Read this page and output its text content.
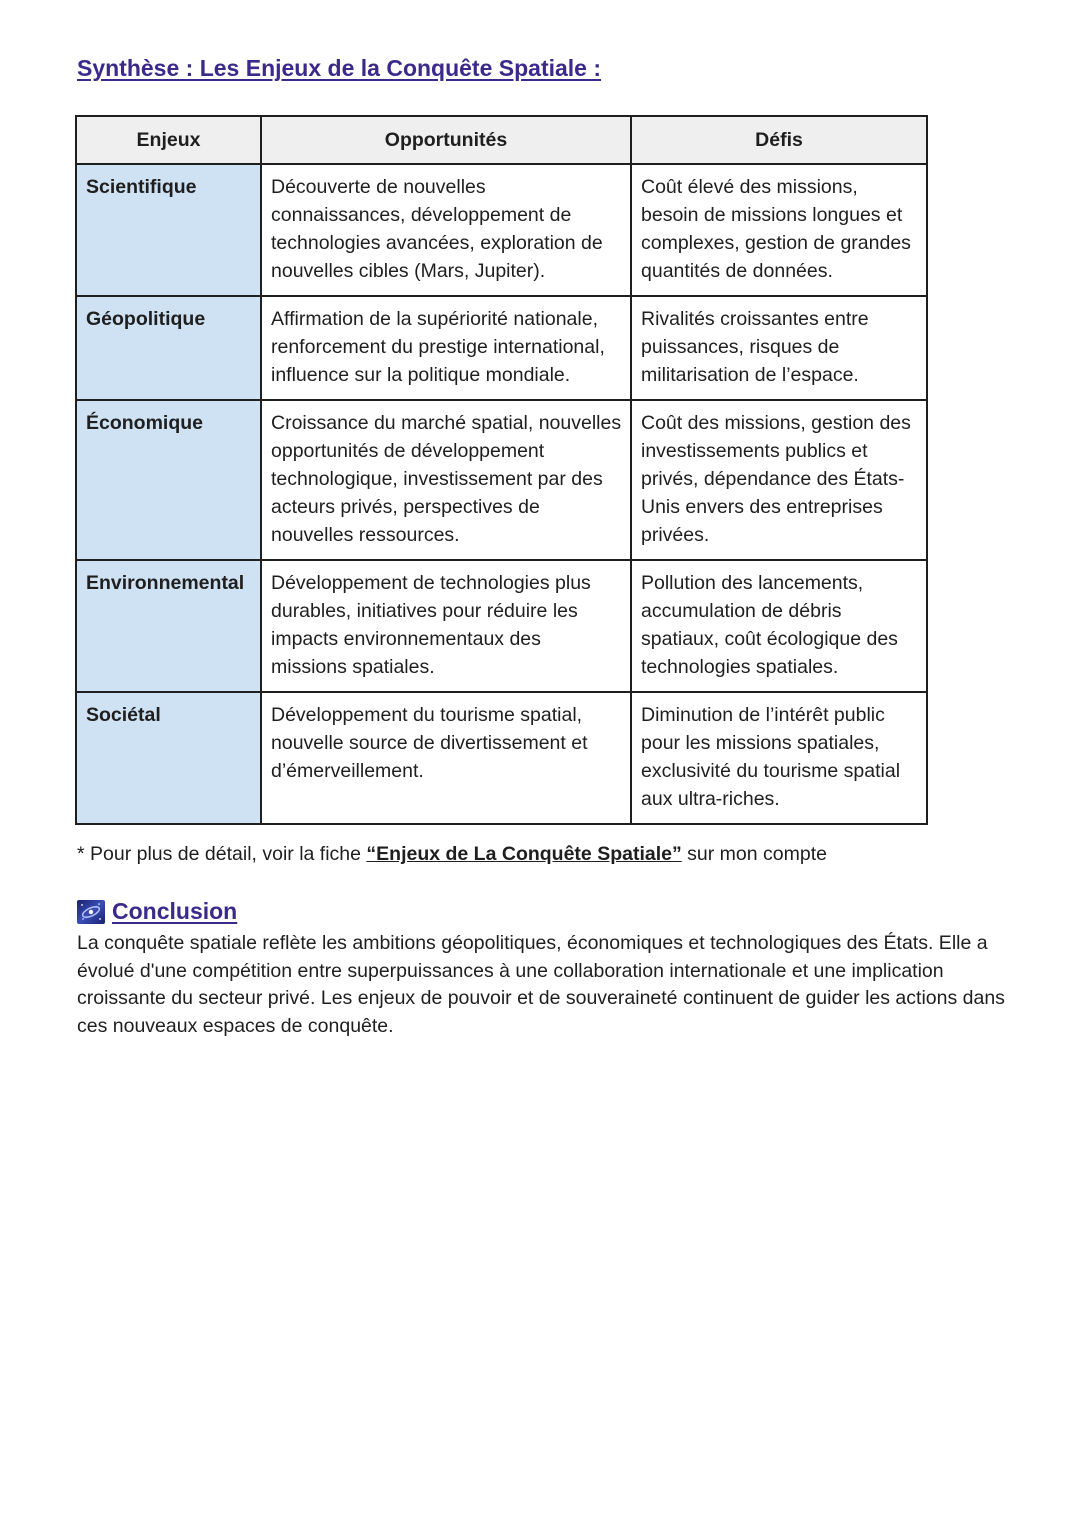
Synthèse : Les Enjeux de la Conquête Spatiale :
Enjeux	Opportunités	Défis
Scientifique	Découverte de nouvelles connaissances, développement de technologies avancées, exploration de nouvelles cibles (Mars, Jupiter).	Coût élevé des missions, besoin de missions longues et complexes, gestion de grandes quantités de données.
Géopolitique	Affirmation de la supériorité nationale, renforcement du prestige international, influence sur la politique mondiale.	Rivalités croissantes entre puissances, risques de militarisation de l’espace.
Économique	Croissance du marché spatial, nouvelles opportunités de développement technologique, investissement par des acteurs privés, perspectives de nouvelles ressources.	Coût des missions, gestion des investissements publics et privés, dépendance des États-Unis envers des entreprises privées.
Environnemental	Développement de technologies plus durables, initiatives pour réduire les impacts environnementaux des missions spatiales.	Pollution des lancements, accumulation de débris spatiaux, coût écologique des technologies spatiales.
Sociétal	Développement du tourisme spatial, nouvelle source de divertissement et d’émerveillement.	Diminution de l’intérêt public pour les missions spatiales, exclusivité du tourisme spatial aux ultra-riches.
* Pour plus de détail, voir la fiche “Enjeux de La Conquête Spatiale” sur mon compte
Conclusion
La conquête spatiale reflète les ambitions géopolitiques, économiques et technologiques des États. Elle a évolué d'une compétition entre superpuissances à une collaboration internationale et une implication croissante du secteur privé. Les enjeux de pouvoir et de souveraineté continuent de guider les actions dans ces nouveaux espaces de conquête.
